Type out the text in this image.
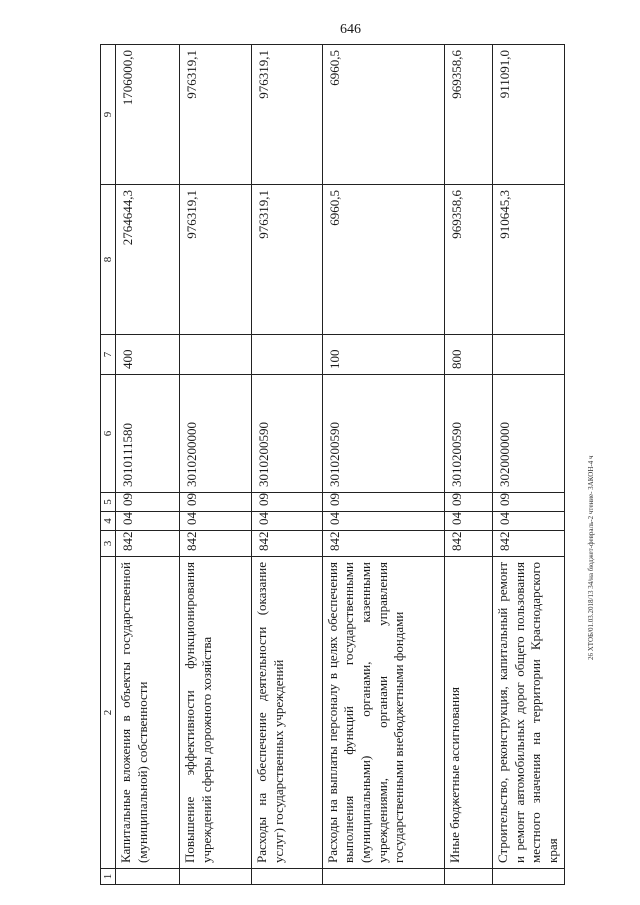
646
26 ХТОБ/01.03.2018/13 34/на бюджет-февраль-2 чтение- ЗАКОН-4 ч
1	2	3	4	5	6	7	8	9
	Капитальные вложения в объекты государственной (муниципальной) собственности	842	04	09	3010111580	400	2764644,3	1706000,0
	Повышение эффективности функционирования учреждений сферы дорожного хозяйства	842	04	09	3010200000		976319,1	976319,1
	Расходы на обеспечение деятельности (оказание услуг) государственных учреждений	842	04	09	3010200590		976319,1	976319,1
	Расходы на выплаты персоналу в целях обеспечения выполнения функций государственными (муниципальными) органами, казенными учреждениями, органами управления государственными внебюджетными фондами	842	04	09	3010200590	100	6960,5	6960,5
	Иные бюджетные ассигнования	842	04	09	3010200590	800	969358,6	969358,6
	Строительство, реконструкция, капитальный ремонт и ремонт автомобильных дорог общего пользования местного значения на территории Краснодарского края	842	04	09	3020000000		910645,3	911091,0
